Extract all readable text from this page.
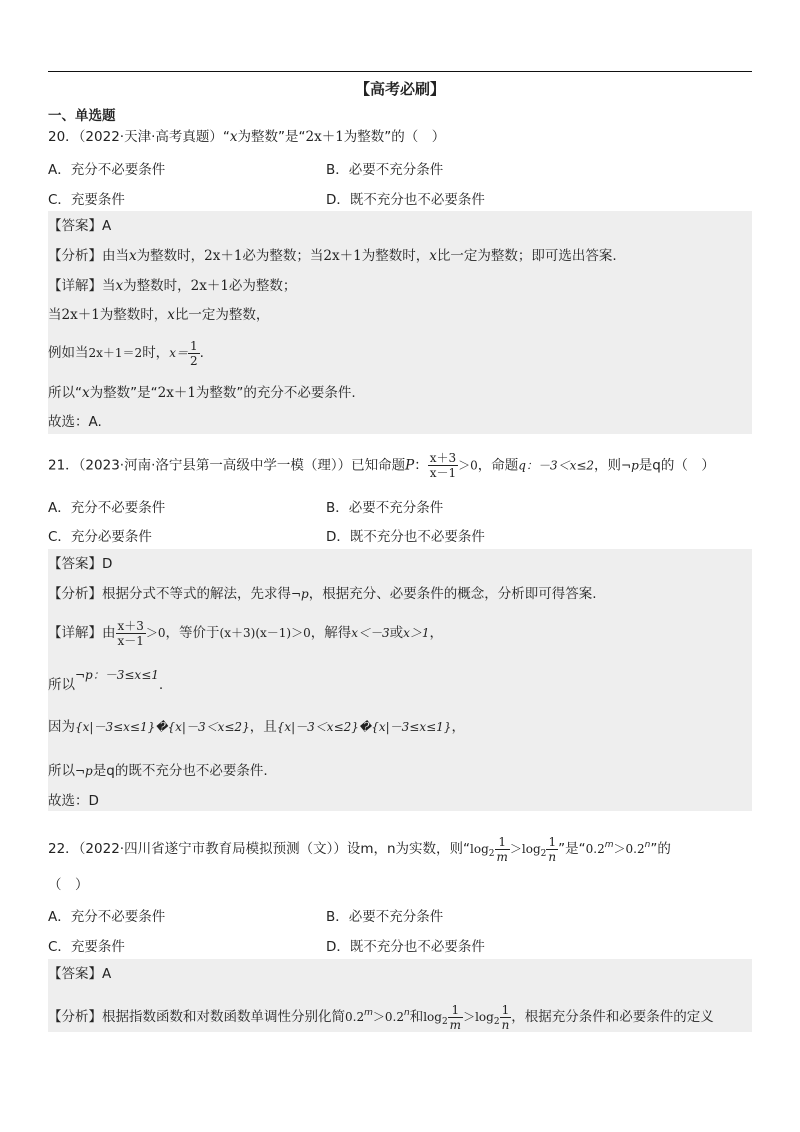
【高考必刷】
一、单选题
20．（2022·天津·高考真题）“x为整数”是“2x＋1为整数”的（　）
A．充分不必要条件	B．必要不充分条件
C．充要条件	D．既不充分也不必要条件
【答案】A
【分析】由当x为整数时，2x＋1必为整数；当2x＋1为整数时，x比一定为整数；即可选出答案.
【详解】当x为整数时，2x＋1必为整数；
当2x＋1为整数时，x比一定为整数，
例如当2x＋1＝2时，$x= \frac{1}{2}$ .
所以“x为整数”是“2x＋1为整数”的充分不必要条件.
故选：A.
21．（2023·河南·洛宁县第一高级中学一模（理））已知命题P： $\frac{x+3}{x-1} >0$，命题q：－3＜x≤2，则¬p是q的（　）
A．充分不必要条件	B．必要不充分条件
C．充分必要条件	D．既不充分也不必要条件
【答案】D
【分析】根据分式不等式的解法，先求得¬p，根据充分、必要条件的概念，分析即可得答案.
【详解】由 $\frac{x+3}{x-1} >0$，等价于(x＋3)(x－1)＞0，解得x＜－3或x＞1，
所以¬p：－3≤x≤1.
因为{x|－3≤x≤1}�{x|－3＜x≤2}，且{x|－3＜x≤2}�{x|－3≤x≤1}，
所以¬p是q的既不充分也不必要条件.
故选：D
22．（2022·四川省遂宁市教育局模拟预测（文））设m，n为实数，则“$\log_2 \frac{1}{m} >\log_2 \frac{1}{n}$ ”是“$0.2^m>0.2^n$”的
（　）
A．充分不必要条件	B．必要不充分条件
C．充要条件	D．既不充分也不必要条件
【答案】A
【分析】根据指数函数和对数函数单调性分别化简$0.2^m>0.2^n$和$\log_2 \frac{1}{m} >\log_2 \frac{1}{n}$ ，根据充分条件和必要条件的定义
